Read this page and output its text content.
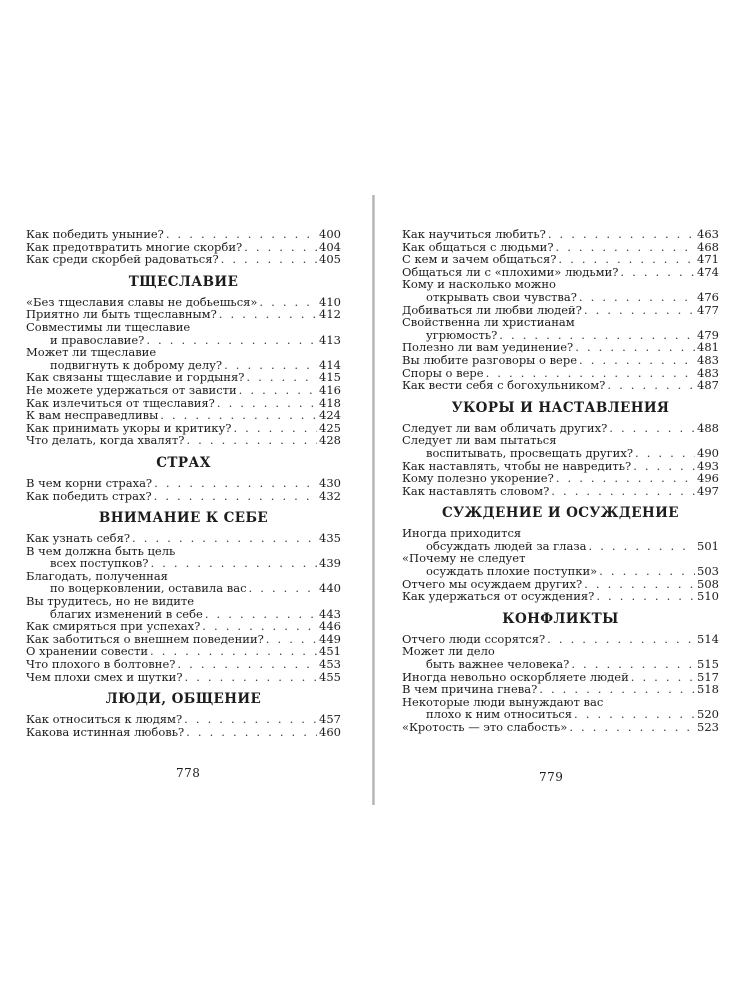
Как победить уныние? . . .	400
Как предотвратить многие скорби? . . .	404
Как среди скорбей радоваться? . . .	405
ТЩЕСЛАВИЕ
«Без тщеславия славы не добьешься» . . .	410
Приятно ли быть тщеславным? . . .	412
Совместимы ли тщеславие
и православие? . . .	413
Может ли тщеславие
подвигнуть к доброму делу? . . .	414
Как связаны тщеславие и гордыня? . . .	415
Не можете удержаться от зависти . . .	416
Как излечиться от тщеславия? . . .	418
К вам несправедливы . . .	424
Как принимать укоры и критику? . . .	425
Что делать, когда хвалят? . . .	428
СТРАХ
В чем корни страха? . . .	430
Как победить страх? . . .	432
ВНИМАНИЕ К СЕБЕ
Как узнать себя? . . .	435
В чем должна быть цель
всех поступков? . . .	439
Благодать, полученная
по воцерковлении, оставила вас . . .	440
Вы трудитесь, но не видите
благих изменений в себе . . .	443
Как смиряться при успехах? . . .	446
Как заботиться о внешнем поведении? . . .	449
О хранении совести . . .	451
Что плохого в болтовне? . . .	453
Чем плохи смех и шутки? . . .	455
ЛЮДИ, ОБЩЕНИЕ
Как относиться к людям? . . .	457
Какова истинная любовь? . . .	460
Как научиться любить? . . .	463
Как общаться с людьми? . . .	468
С кем и зачем общаться? . . .	471
Общаться ли с «плохими» людьми? . . .	474
Кому и насколько можно
открывать свои чувства? . . .	476
Добиваться ли любви людей? . . .	477
Свойственна ли христианам
угрюмость? . . .	479
Полезно ли вам уединение? . . .	481
Вы любите разговоры о вере . . .	483
Споры о вере . . .	483
Как вести себя с богохульником? . . .	487
УКОРЫ И НАСТАВЛЕНИЯ
Следует ли вам обличать других? . . .	488
Следует ли вам пытаться
воспитывать, просвещать других? . . .	490
Как наставлять, чтобы не навредить? . . .	493
Кому полезно укорение? . . .	496
Как наставлять словом? . . .	497
СУЖДЕНИЕ И ОСУЖДЕНИЕ
Иногда приходится
обсуждать людей за глаза . . .	501
«Почему не следует
осуждать плохие поступки» . . .	503
Отчего мы осуждаем других? . . .	508
Как удержаться от осуждения? . . .	510
КОНФЛИКТЫ
Отчего люди ссорятся? . . .	514
Может ли дело
быть важнее человека? . . .	515
Иногда невольно оскорбляете людей . . .	517
В чем причина гнева? . . .	518
Некоторые люди вынуждают вас
плохо к ним относиться . . .	520
«Кротость — это слабость» . . .	523
778	779
